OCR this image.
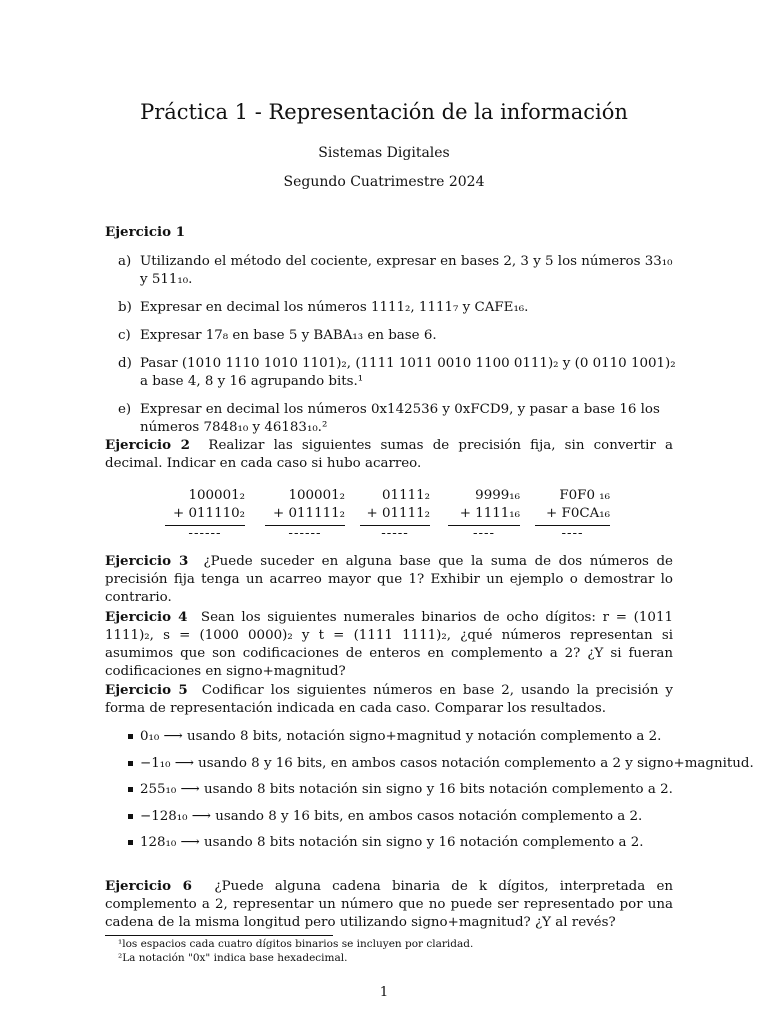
Práctica 1 - Representación de la información
Sistemas Digitales
Segundo Cuatrimestre 2024
Ejercicio 1
a) Utilizando el método del cociente, expresar en bases 2, 3 y 5 los números 33₁₀ y 511₁₀.
b) Expresar en decimal los números 1111₂, 1111₇ y CAFE₁₆.
c) Expresar 17₈ en base 5 y BABA₁₃ en base 6.
d) Pasar (1010 1110 1010 1101)₂, (1111 1011 0010 1100 0111)₂ y (0 0110 1001)₂ a base 4, 8 y 16 agrupando bits.¹
e) Expresar en decimal los números 0x142536 y 0xFCD9, y pasar a base 16 los números 7848₁₀ y 46183₁₀.²
Ejercicio 2 Realizar las siguientes sumas de precisión fija, sin convertir a decimal. Indicar en cada caso si hubo acarreo.
100001₂
+ 011110₂
------
100001₂
+ 011111₂
------
01111₂
+ 01111₂
-----
9999₁₆
+ 1111₁₆
----
F0F0 ₁₆
+ F0CA₁₆
----
Ejercicio 3 ¿Puede suceder en alguna base que la suma de dos números de precisión fija tenga un acarreo mayor que 1? Exhibir un ejemplo o demostrar lo contrario.
Ejercicio 4 Sean los siguientes numerales binarios de ocho dígitos: r = (1011 1111)₂, s = (1000 0000)₂ y t = (1111 1111)₂, ¿qué números representan si asumimos que son codificaciones de enteros en complemento a 2? ¿Y si fueran codificaciones en signo+magnitud?
Ejercicio 5 Codificar los siguientes números en base 2, usando la precisión y forma de representación indicada en cada caso. Comparar los resultados.
0₁₀ ⟶ usando 8 bits, notación signo+magnitud y notación complemento a 2.
−1₁₀ ⟶ usando 8 y 16 bits, en ambos casos notación complemento a 2 y signo+magnitud.
255₁₀ ⟶ usando 8 bits notación sin signo y 16 bits notación complemento a 2.
−128₁₀ ⟶ usando 8 y 16 bits, en ambos casos notación complemento a 2.
128₁₀ ⟶ usando 8 bits notación sin signo y 16 notación complemento a 2.
Ejercicio 6 ¿Puede alguna cadena binaria de k dígitos, interpretada en complemento a 2, representar un número que no puede ser representado por una cadena de la misma longitud pero utilizando signo+magnitud? ¿Y al revés?
¹los espacios cada cuatro dígitos binarios se incluyen por claridad.
²La notación "0x" indica base hexadecimal.
1
